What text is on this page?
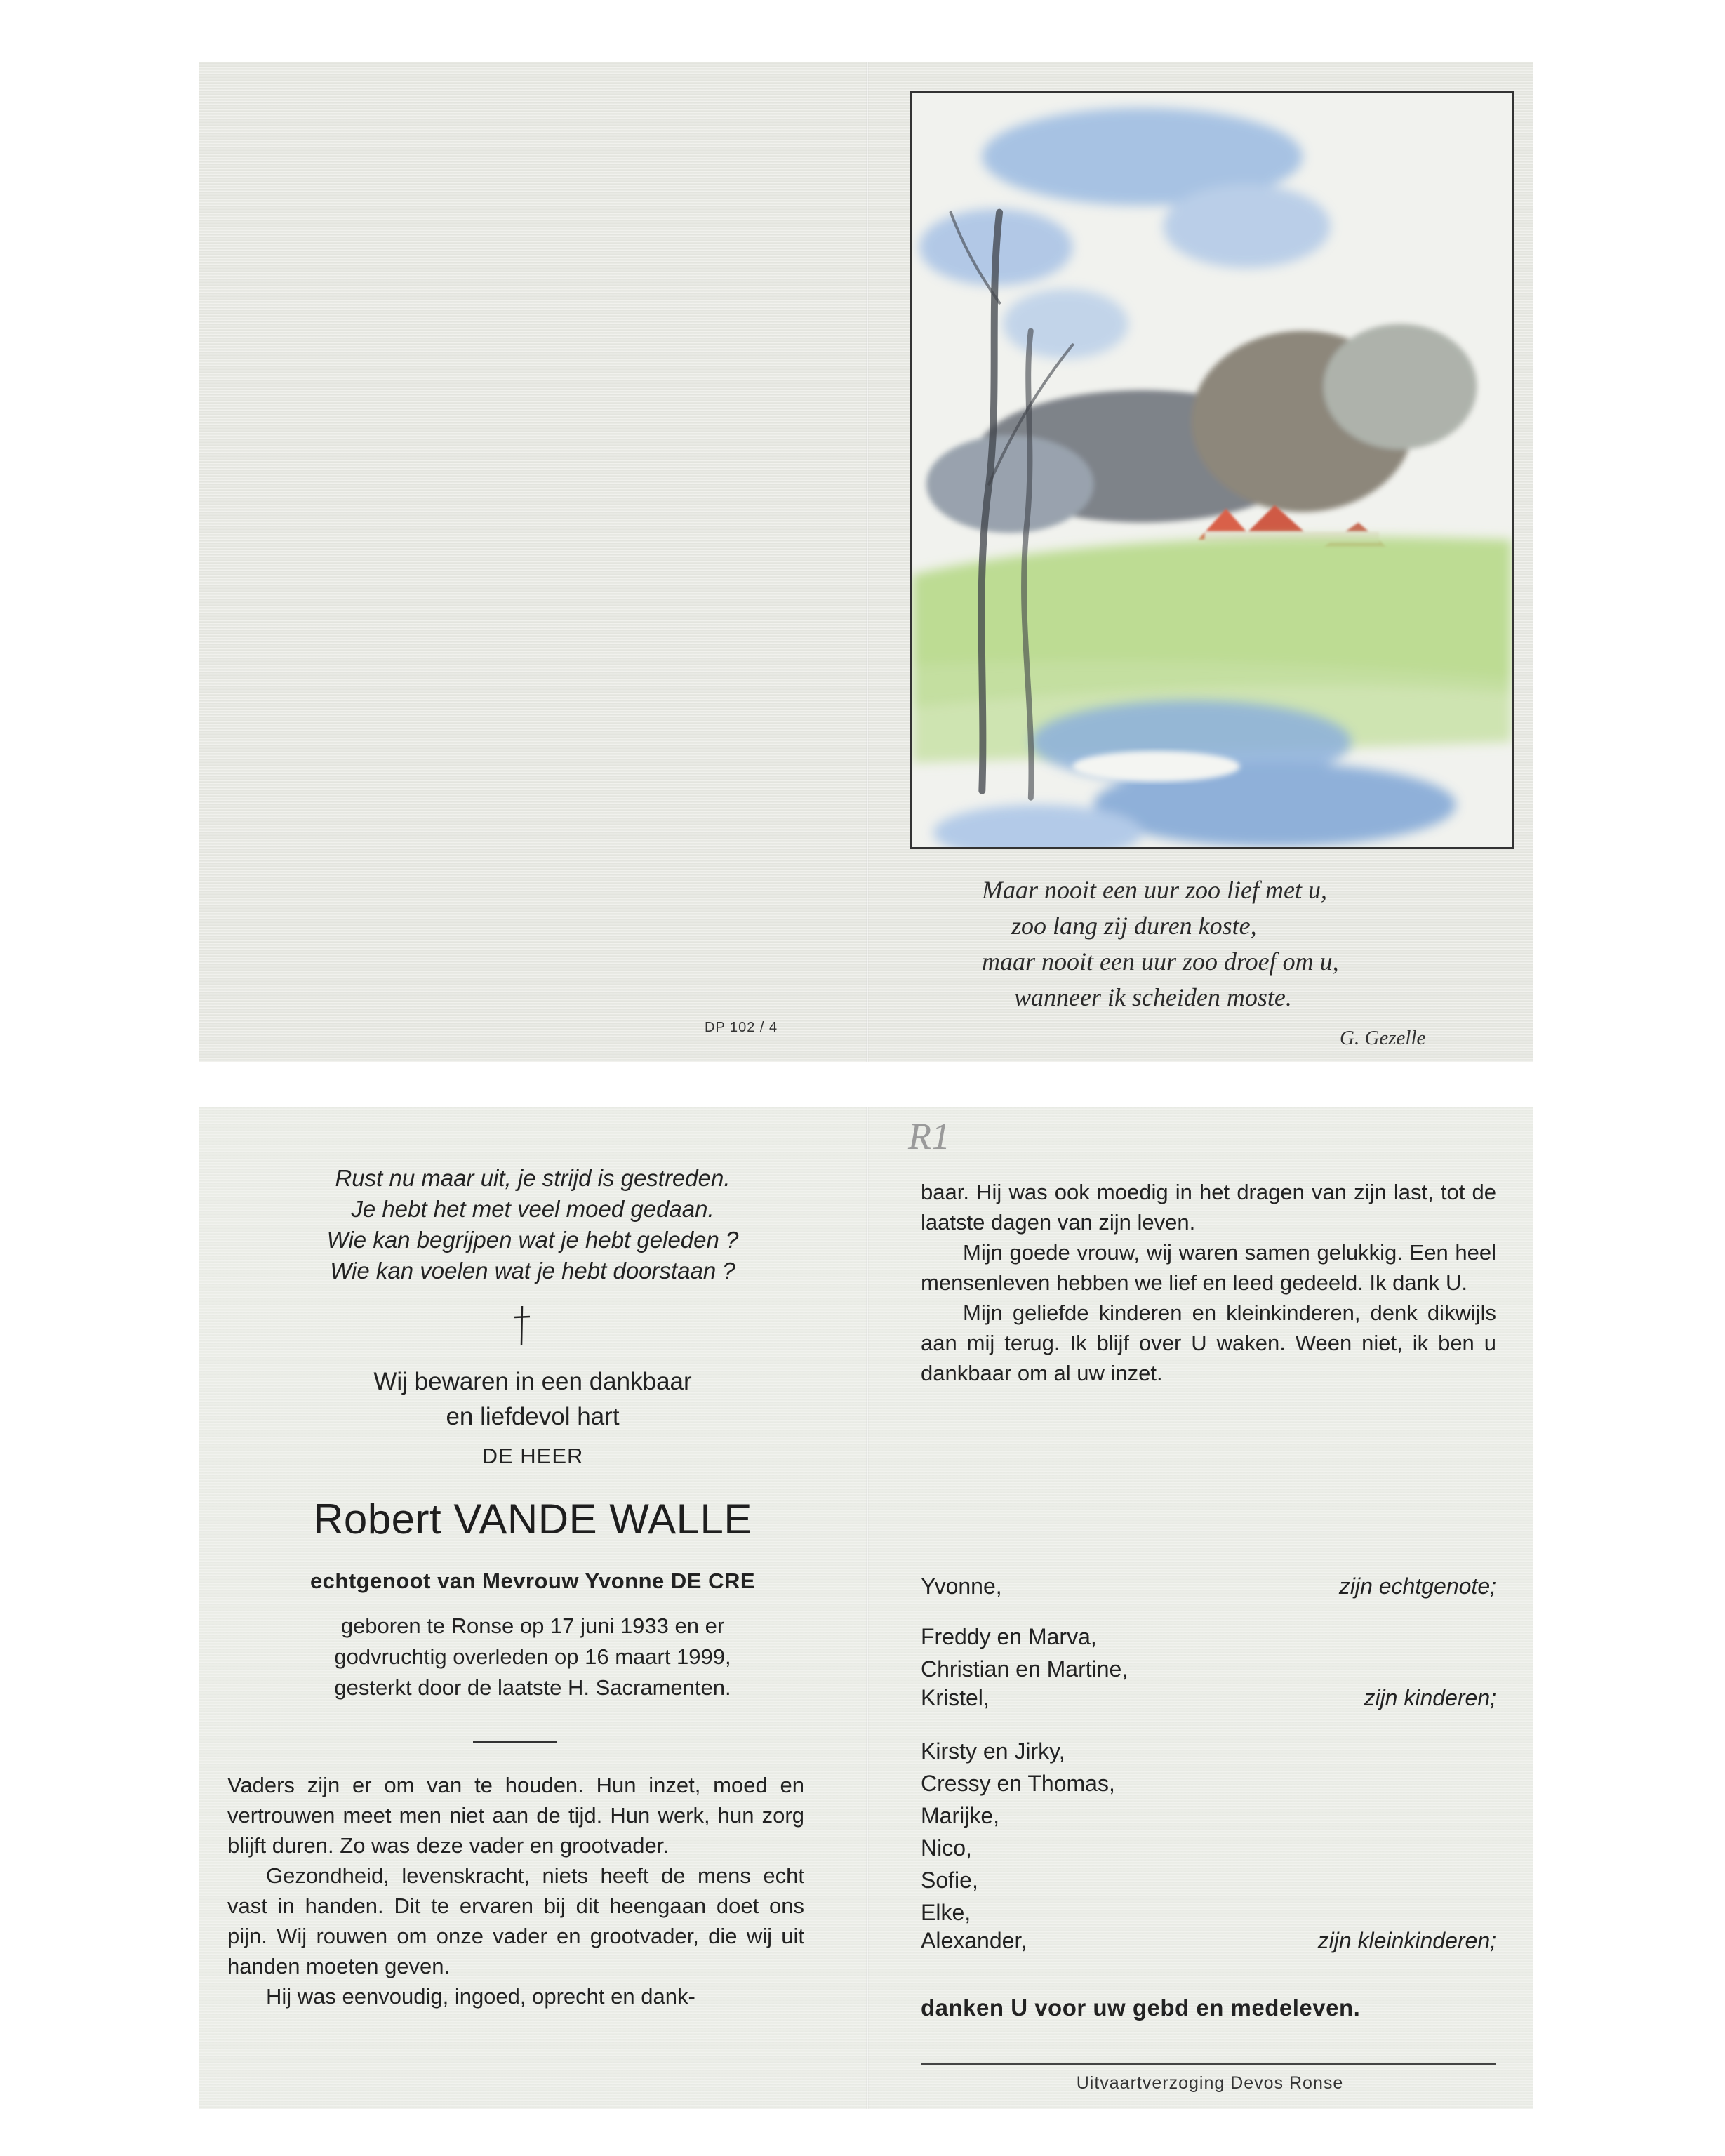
DP 102 / 4
Maar nooit een uur zoo lief met u,
zoo lang zij duren koste,
maar nooit een uur zoo droef om u,
wanneer ik scheiden moste.
G. Gezelle
Rust nu maar uit, je strijd is gestreden.
Je hebt het met veel moed gedaan.
Wie kan begrijpen wat je hebt geleden ?
Wie kan voelen wat je hebt doorstaan ?
Wij bewaren in een dankbaar
en liefdevol hart
DE HEER
Robert VANDE WALLE
echtgenoot van Mevrouw Yvonne DE CRE
geboren te Ronse op 17 juni 1933 en er
godvruchtig overleden op 16 maart 1999,
gesterkt door de laatste H. Sacramenten.

Vaders zijn er om van te houden. Hun inzet, moed en vertrouwen meet men niet aan de tijd. Hun werk, hun zorg blijft duren. Zo was deze vader en grootvader.

Gezondheid, levenskracht, niets heeft de mens echt vast in handen. Dit te ervaren bij dit heengaan doet ons pijn. Wij rouwen om onze vader en grootvader, die wij uit handen moeten geven.

Hij was eenvoudig, ingoed, oprecht en dank-

R1

baar. Hij was ook moedig in het dragen van zijn last, tot de laatste dagen van zijn leven.

Mijn goede vrouw, wij waren samen gelukkig. Een heel mensenleven hebben we lief en leed gedeeld. Ik dank U.

Mijn geliefde kinderen en kleinkinderen, denk dikwijls aan mij terug. Ik blijf over U waken. Ween niet, ik ben u dankbaar om al uw inzet.

Yvonne,	zijn echtgenote;
Freddy en Marva,
Christian en Martine,
Kristel,	zijn kinderen;
Kirsty en Jirky,
Cressy en Thomas,
Marijke,
Nico,
Sofie,
Elke,
Alexander,	zijn kleinkinderen;
danken U voor uw gebd en medeleven.
Uitvaartverzoging Devos Ronse
